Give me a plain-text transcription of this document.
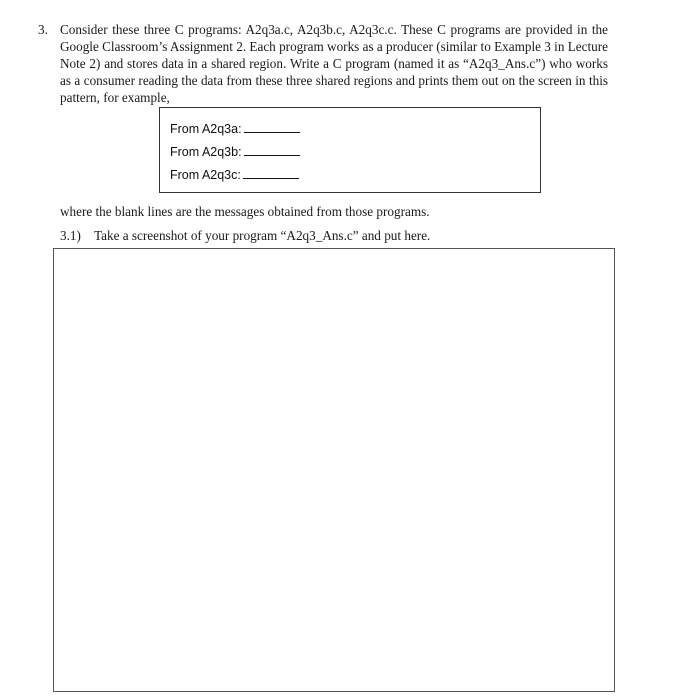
3. Consider these three C programs: A2q3a.c, A2q3b.c, A2q3c.c. These C programs are provided in the Google Classroom’s Assignment 2. Each program works as a producer (similar to Example 3 in Lecture Note 2) and stores data in a shared region. Write a C program (named it as “A2q3_Ans.c”) who works as a consumer reading the data from these three shared regions and prints them out on the screen in this pattern, for example,
From A2q3a:
From A2q3b:
From A2q3c:
where the blank lines are the messages obtained from those programs.
3.1) Take a screenshot of your program “A2q3_Ans.c” and put here.
